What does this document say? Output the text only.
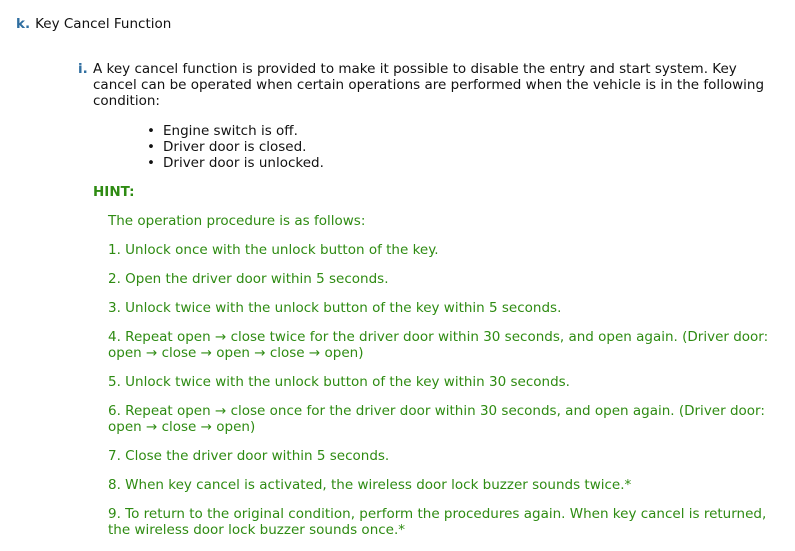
k. Key Cancel Function
i. A key cancel function is provided to make it possible to disable the entry and start system. Key cancel can be operated when certain operations are performed when the vehicle is in the following condition:
• Engine switch is off.
• Driver door is closed.
• Driver door is unlocked.
HINT:

The operation procedure is as follows:

1. Unlock once with the unlock button of the key.

2. Open the driver door within 5 seconds.

3. Unlock twice with the unlock button of the key within 5 seconds.

4. Repeat open → close twice for the driver door within 30 seconds, and open again. (Driver door: open → close → open → close → open)

5. Unlock twice with the unlock button of the key within 30 seconds.

6. Repeat open → close once for the driver door within 30 seconds, and open again. (Driver door: open → close → open)

7. Close the driver door within 5 seconds.

8. When key cancel is activated, the wireless door lock buzzer sounds twice.*

9. To return to the original condition, perform the procedures again. When key cancel is returned, the wireless door lock buzzer sounds once.*
